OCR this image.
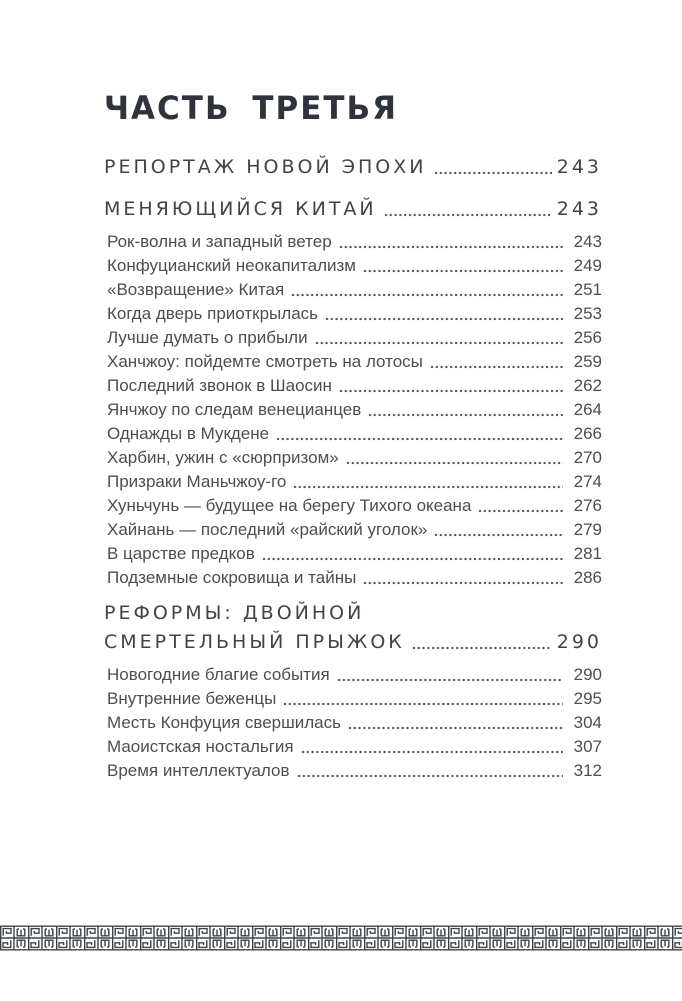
ЧАСТЬ ТРЕТЬЯ
РЕПОРТАЖ НОВОЙ ЭПОХИ	243
МЕНЯЮЩИЙСЯ КИТАЙ	243
Рок-волна и западный ветер	243
Конфуцианский неокапитализм	249
«Возвращение» Китая	251
Когда дверь приоткрылась	253
Лучше думать о прибыли	256
Ханчжоу: пойдемте смотреть на лотосы	259
Последний звонок в Шаосин	262
Янчжоу по следам венецианцев	264
Однажды в Мукдене	266
Харбин, ужин с «сюрпризом»	270
Призраки Маньчжоу-го	274
Хуньчунь — будущее на берегу Тихого океана	276
Хайнань — последний «райский уголок»	279
В царстве предков	281
Подземные сокровища и тайны	286
РЕФОРМЫ: ДВОЙНОЙ
СМЕРТЕЛЬНЫЙ ПРЫЖОК	290
Новогодние благие события	290
Внутренние беженцы	295
Месть Конфуция свершилась	304
Маоистская ностальгия	307
Время интеллектуалов	312
